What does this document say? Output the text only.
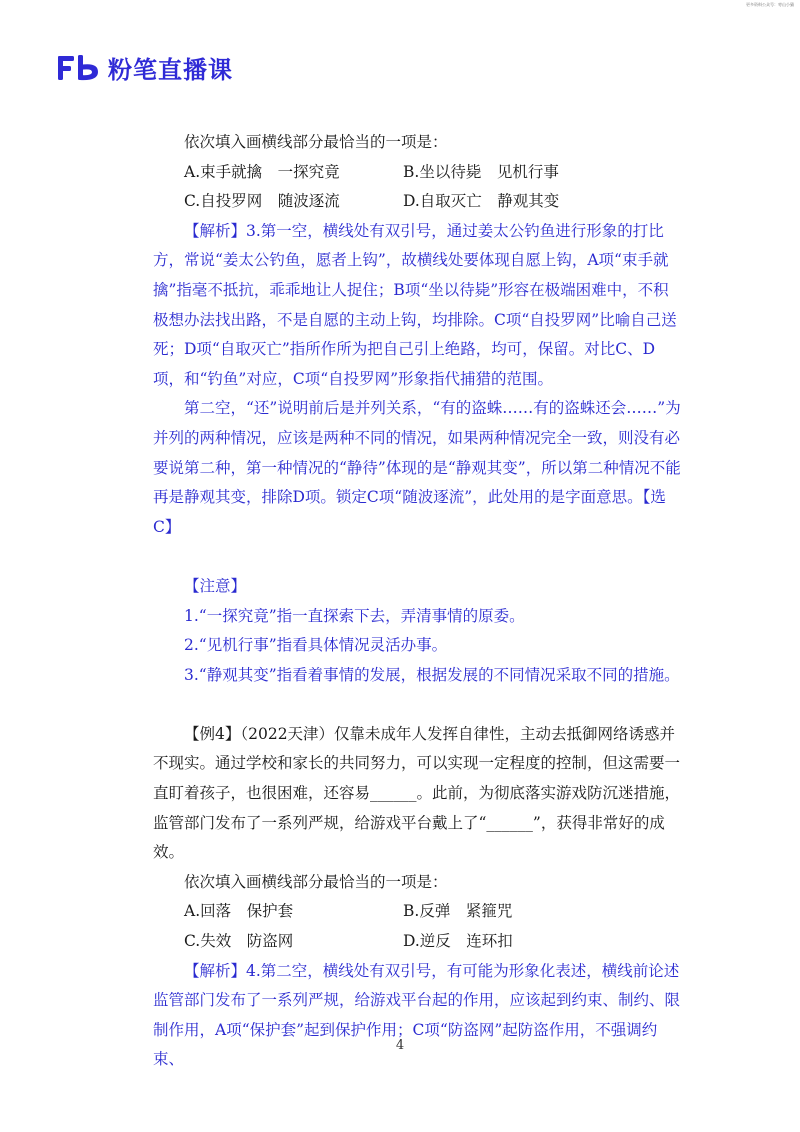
更多资料公众号：枣山小猫
粉笔直播课

依次填入画横线部分最恰当的一项是：

A.束手就擒　一探究竟	B.坐以待毙　见机行事

C.自投罗网　随波逐流	D.自取灭亡　静观其变

【解析】3.第一空，横线处有双引号，通过姜太公钓鱼进行形象的打比方，常说“姜太公钓鱼，愿者上钩”，故横线处要体现自愿上钩，A项“束手就擒”指毫不抵抗，乖乖地让人捉住；B项“坐以待毙”形容在极端困难中，不积极想办法找出路，不是自愿的主动上钩，均排除。C项“自投罗网”比喻自己送死；D项“自取灭亡”指所作所为把自己引上绝路，均可，保留。对比C、D项，和“钓鱼”对应，C项“自投罗网”形象指代捕猎的范围。

第二空，“还”说明前后是并列关系，“有的盗蛛……有的盗蛛还会……”为并列的两种情况，应该是两种不同的情况，如果两种情况完全一致，则没有必要说第二种，第一种情况的“静待”体现的是“静观其变”，所以第二种情况不能再是静观其变，排除D项。锁定C项“随波逐流”，此处用的是字面意思。【选C】

【注意】

1.“一探究竟”指一直探索下去，弄清事情的原委。

2.“见机行事”指看具体情况灵活办事。

3.“静观其变”指看着事情的发展，根据发展的不同情况采取不同的措施。

【例4】（2022天津）仅靠未成年人发挥自律性，主动去抵御网络诱惑并不现实。通过学校和家长的共同努力，可以实现一定程度的控制，但这需要一直盯着孩子，也很困难，还容易______。此前，为彻底落实游戏防沉迷措施，监管部门发布了一系列严规，给游戏平台戴上了“______”，获得非常好的成效。

依次填入画横线部分最恰当的一项是：

A.回落　保护套	B.反弹　紧箍咒

C.失效　防盗网	D.逆反　连环扣

【解析】4.第二空，横线处有双引号，有可能为形象化表述，横线前论述监管部门发布了一系列严规，给游戏平台起的作用，应该起到约束、制约、限制作用，A项“保护套”起到保护作用；C项“防盗网”起防盗作用，不强调约束、

4
